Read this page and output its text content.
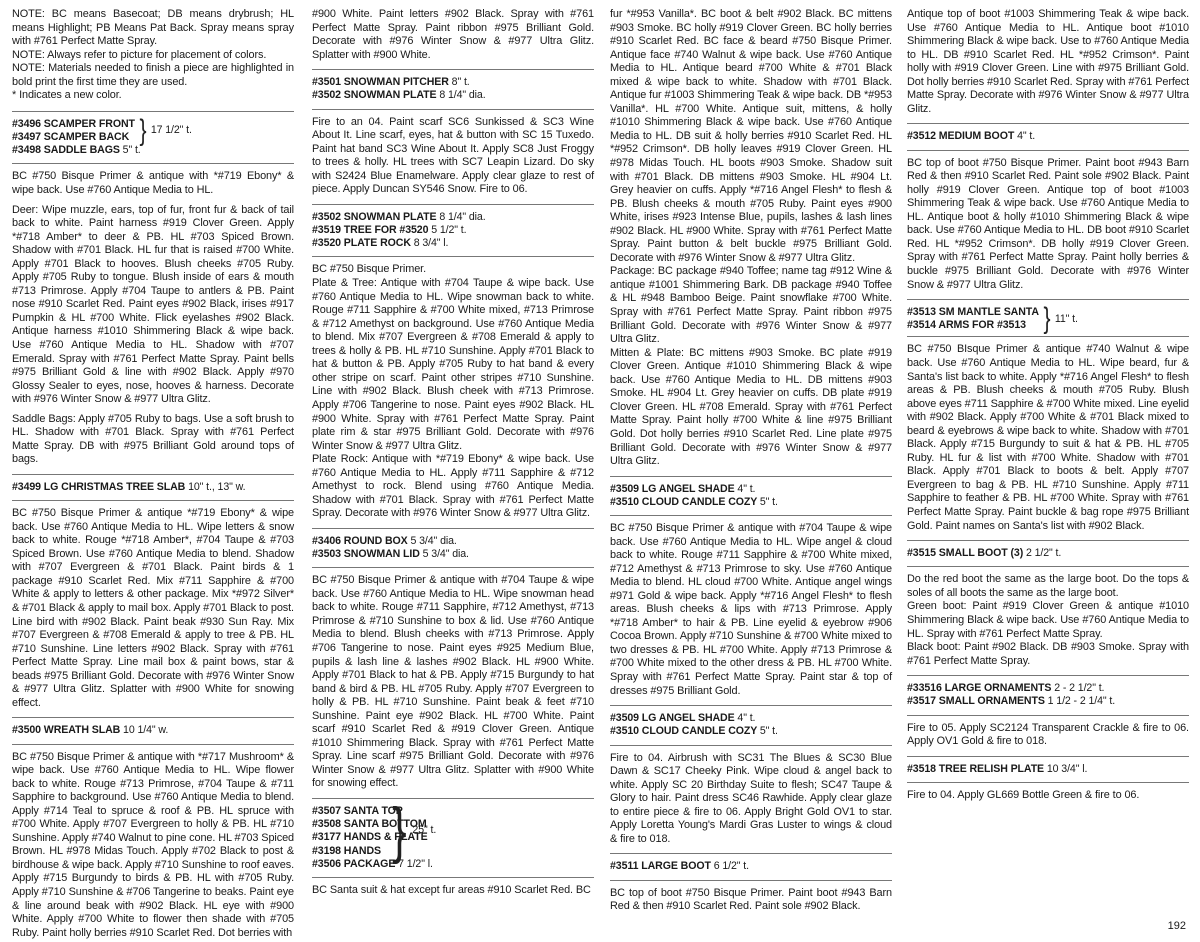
NOTE: BC means Basecoat; DB means drybrush; HL means Highlight; PB Means Pat Back. Spray means spray with #761 Perfect Matte Spray.

NOTE: Always refer to picture for placement of colors.

NOTE: Materials needed to finish a piece are highlighted in bold print the first time they are used.

* Indicates a new color.

#3496 SCAMPER FRONT
#3497 SCAMPER BACK } 17 1/2" t.
#3498 SADDLE BAGS 5" t.

BC #750 Bisque Primer & antique with *#719 Ebony* & wipe back. Use #760 Antique Media to HL.

Deer: Wipe muzzle, ears, top of fur, front fur & back of tail back to white. Paint harness #919 Clover Green. Apply *#718 Amber* to deer & PB. HL #703 Spiced Brown. Shadow with #701 Black. HL fur that is raised #700 White. Apply #701 Black to hooves. Blush cheeks #705 Ruby. Apply #705 Ruby to tongue. Blush inside of ears & mouth #713 Primrose. Apply #704 Taupe to antlers & PB. Paint nose #910 Scarlet Red. Paint eyes #902 Black, irises #917 Pumpkin & HL #700 White. Flick eyelashes #902 Black. Antique harness #1010 Shimmering Black & wipe back. Use #760 Antique Media to HL. Shadow with #707 Emerald. Spray with #761 Perfect Matte Spray. Paint bells #975 Brilliant Gold & line with #902 Black. Apply #970 Glossy Sealer to eyes, nose, hooves & harness. Decorate with #976 Winter Snow & #977 Ultra Glitz.

Saddle Bags: Apply #705 Ruby to bags. Use a soft brush to HL. Shadow with #701 Black. Spray with #761 Perfect Matte Spray. DB with #975 Brilliant Gold around tops of bags.

#3499 LG CHRISTMAS TREE SLAB 10" t., 13" w.

BC #750 Bisque Primer & antique *#719 Ebony* & wipe back. Use #760 Antique Media to HL. Wipe letters & snow back to white. Rouge *#718 Amber*, #704 Taupe & #703 Spiced Brown. Use #760 Antique Media to blend. Shadow with #707 Evergreen & #701 Black. Paint birds & 1 package #910 Scarlet Red. Mix #711 Sapphire & #700 White & apply to letters & other package. Mix *#972 Silver* & #701 Black & apply to mail box. Apply #701 Black to post. Line bird with #902 Black. Paint beak #930 Sun Ray. Mix #707 Evergreen & #708 Emerald & apply to tree & PB. HL #710 Sunshine. Line letters #902 Black. Spray with #761 Perfect Matte Spray. Line mail box & paint bows, star & beads #975 Brilliant Gold. Decorate with #976 Winter Snow & #977 Ultra Glitz. Splatter with #900 White for snowing effect.

#3500 WREATH SLAB 10 1/4" w.

BC #750 Bisque Primer & antique with *#717 Mushroom* & wipe back. Use #760 Antique Media to HL. Wipe flower back to white. Rouge #713 Primrose, #704 Taupe & #711 Sapphire to background. Use #760 Antique Media to blend. Apply #714 Teal to spruce & roof & PB. HL spruce with #700 White. Apply #707 Evergreen to holly & PB. HL #710 Sunshine. Apply #740 Walnut to pine cone. HL #703 Spiced Brown. HL #978 Midas Touch. Apply #702 Black to post & birdhouse & wipe back. Apply #710 Sunshine to roof eaves. Apply #715 Burgundy to birds & PB. HL with #705 Ruby. Apply #710 Sunshine & #706 Tangerine to beaks. Paint eye & line around beak with #902 Black. HL eye with #900 White. Apply #700 White to flower then shade with #705 Ruby. Paint holly berries #910 Scarlet Red. Dot berries with

#900 White. Paint letters #902 Black. Spray with #761 Perfect Matte Spray. Paint ribbon #975 Brilliant Gold. Decorate with #976 Winter Snow & #977 Ultra Glitz. Splatter with #900 White.

#3501 SNOWMAN PITCHER 8" t.
#3502 SNOWMAN PLATE 8 1/4" dia.

Fire to an 04. Paint scarf SC6 Sunkissed & SC3 Wine About It. Line scarf, eyes, hat & button with SC 15 Tuxedo. Paint hat band SC3 Wine About It. Apply SC8 Just Froggy to trees & holly. HL trees with SC7 Leapin Lizard. Do sky with S2424 Blue Enamelware. Apply clear glaze to rest of piece. Apply Duncan SY546 Snow. Fire to 06.

#3502 SNOWMAN PLATE 8 1/4" dia.
#3519 TREE FOR #3520 5 1/2" t.
#3520 PLATE ROCK 8 3/4" l.

BC #750 Bisque Primer.

Plate & Tree: Antique with #704 Taupe & wipe back. Use #760 Antique Media to HL. Wipe snowman back to white. Rouge #711 Sapphire & #700 White mixed, #713 Primrose & #712 Amethyst on background. Use #760 Antique Media to blend. Mix #707 Evergreen & #708 Emerald & apply to trees & holly & PB. HL #710 Sunshine. Apply #701 Black to hat & button & PB. Apply #705 Ruby to hat band & every other stripe on scarf. Paint other stripes #710 Sunshine. Line with #902 Black. Blush cheek with #713 Primrose. Apply #706 Tangerine to nose. Paint eyes #902 Black. HL #900 White. Spray with #761 Perfect Matte Spray. Paint plate rim & star #975 Brilliant Gold. Decorate with #976 Winter Snow & #977 Ultra Glitz.

Plate Rock: Antique with *#719 Ebony* & wipe back. Use #760 Antique Media to HL. Apply #711 Sapphire & #712 Amethyst to rock. Blend using #760 Antique Media. Shadow with #701 Black. Spray with #761 Perfect Matte Spray. Decorate with #976 Winter Snow & #977 Ultra Glitz.

#3406 ROUND BOX 5 3/4" dia.
#3503 SNOWMAN LID 5 3/4" dia.

BC #750 Bisque Primer & antique with #704 Taupe & wipe back. Use #760 Antique Media to HL. Wipe snowman head back to white. Rouge #711 Sapphire, #712 Amethyst, #713 Primrose & #710 Sunshine to box & lid. Use #760 Antique Media to blend. Blush cheeks with #713 Primrose. Apply #706 Tangerine to nose. Paint eyes #925 Medium Blue, pupils & lash line & lashes #902 Black. HL #900 White. Apply #701 Black to hat & PB. Apply #715 Burgundy to hat band & bird & PB. HL #705 Ruby. Apply #707 Evergreen to holly & PB. HL #710 Sunshine. Paint beak & feet #710 Sunshine. Paint eye #902 Black. HL #700 White. Paint scarf #910 Scarlet Red & #919 Clover Green. Antique #1010 Shimmering Black. Spray with #761 Perfect Matte Spray. Line scarf #975 Brilliant Gold. Decorate with #976 Winter Snow & #977 Ultra Glitz. Splatter with #900 White for snowing effect.

#3507 SANTA TOP
#3508 SANTA BOTTOM
#3177 HANDS & PLATE
#3198 HANDS
#3506 PACKAGE 7 1/2" l.
} 25" t.

BC Santa suit & hat except fur areas #910 Scarlet Red. BC

fur *#953 Vanilla*. BC boot & belt #902 Black. BC mittens #903 Smoke. BC holly #919 Clover Green. BC holly berries #910 Scarlet Red. BC face & beard #750 Bisque Primer. Antique face #740 Walnut & wipe back. Use #760 Antique Media to HL. Antique beard #700 White & #701 Black mixed & wipe back to white. Shadow with #701 Black. Antique fur #1003 Shimmering Teak & wipe back. DB *#953 Vanilla*. HL #700 White. Antique suit, mittens, & holly #1010 Shimmering Black & wipe back. Use #760 Antique Media to HL. DB suit & holly berries #910 Scarlet Red. HL *#952 Crimson*. DB holly leaves #919 Clover Green. HL #978 Midas Touch. HL boots #903 Smoke. Shadow suit with #701 Black. DB mittens #903 Smoke. HL #904 Lt. Grey heavier on cuffs. Apply *#716 Angel Flesh* to flesh & PB. Blush cheeks & mouth #705 Ruby. Paint eyes #900 White, irises #923 Intense Blue, pupils, lashes & lash lines #902 Black. HL #900 White. Spray with #761 Perfect Matte Spray. Paint button & belt buckle #975 Brilliant Gold. Decorate with #976 Winter Snow & #977 Ultra Glitz.

Package: BC package #940 Toffee; name tag #912 Wine & antique #1001 Shimmering Bark. DB package #940 Toffee & HL #948 Bamboo Beige. Paint snowflake #700 White. Spray with #761 Perfect Matte Spray. Paint ribbon #975 Brilliant Gold. Decorate with #976 Winter Snow & #977 Ultra Glitz.

Mitten & Plate: BC mittens #903 Smoke. BC plate #919 Clover Green. Antique #1010 Shimmering Black & wipe back. Use #760 Antique Media to HL. DB mittens #903 Smoke. HL #904 Lt. Grey heavier on cuffs. DB plate #919 Clover Green. HL #708 Emerald. Spray with #761 Perfect Matte Spray. Paint holly #700 White & line #975 Brilliant Gold. Dot holly berries #910 Scarlet Red. Line plate #975 Brilliant Gold. Decorate with #976 Winter Snow & #977 Ultra Glitz.

#3509 LG ANGEL SHADE 4" t.
#3510 CLOUD CANDLE COZY 5" t.

BC #750 Bisque Primer & antique with #704 Taupe & wipe back. Use #760 Antique Media to HL. Wipe angel & cloud back to white. Rouge #711 Sapphire & #700 White mixed, #712 Amethyst & #713 Primrose to sky. Use #760 Antique Media to blend. HL cloud #700 White. Antique angel wings #971 Gold & wipe back. Apply *#716 Angel Flesh* to flesh areas. Blush cheeks & lips with #713 Primrose. Apply *#718 Amber* to hair & PB. Line eyelid & eyebrow #906 Cocoa Brown. Apply #710 Sunshine & #700 White mixed to two dresses & PB. HL #700 White. Apply #713 Primrose & #700 White mixed to the other dress & PB. HL #700 White. Spray with #761 Perfect Matte Spray. Paint star & top of dresses #975 Brilliant Gold.

#3509 LG ANGEL SHADE 4" t.
#3510 CLOUD CANDLE COZY 5" t.

Fire to 04. Airbrush with SC31 The Blues & SC30 Blue Dawn & SC17 Cheeky Pink. Wipe cloud & angel back to white. Apply SC 20 Birthday Suite to flesh; SC47 Taupe & Glory to hair. Paint dress SC46 Rawhide. Apply clear glaze to entire piece & fire to 06. Apply Bright Gold OV1 to star. Apply Loretta Young's Mardi Gras Luster to wings & cloud & fire to 018.

#3511 LARGE BOOT 6 1/2" t.

BC top of boot #750 Bisque Primer. Paint boot #943 Barn Red & then #910 Scarlet Red. Paint sole #902 Black.

Antique top of boot #1003 Shimmering Teak & wipe back. Use #760 Antique Media to HL. Antique boot #1010 Shimmering Black & wipe back. Use to #760 Antique Media to HL. DB #910 Scarlet Red. HL *#952 Crimson*. Paint holly with #919 Clover Green. Line with #975 Brilliant Gold. Dot holly berries #910 Scarlet Red. Spray with #761 Perfect Matte Spray. Decorate with #976 Winter Snow & #977 Ultra Glitz.

#3512 MEDIUM BOOT 4" t.

BC top of boot #750 Bisque Primer. Paint boot #943 Barn Red & then #910 Scarlet Red. Paint sole #902 Black. Paint holly #919 Clover Green. Antique top of boot #1003 Shimmering Teak & wipe back. Use #760 Antique Media to HL. Antique boot & holly #1010 Shimmering Black & wipe back. Use #760 Antique Media to HL. DB boot #910 Scarlet Red. HL *#952 Crimson*. DB holly #919 Clover Green. Spray with #761 Perfect Matte Spray. Paint holly berries & buckle #975 Brilliant Gold. Decorate with #976 Winter Snow & #977 Ultra Glitz.

#3513 SM MANTLE SANTA
#3514 ARMS FOR #3513 } 11" t.

BC #750 BIsque Primer & antique #740 Walnut & wipe back. Use #760 Antique Media to HL. Wipe beard, fur & Santa's list back to white. Apply *#716 Angel Flesh* to flesh areas & PB. Blush cheeks & mouth #705 Ruby. Blush above eyes #711 Sapphire & #700 White mixed. Line eyelid with #902 Black. Apply #700 White & #701 Black mixed to beard & eyebrows & wipe back to white. Shadow with #701 Black. Apply #715 Burgundy to suit & hat & PB. HL #705 Ruby. HL fur & list with #700 White. Shadow with #701 Black. Apply #701 Black to boots & belt. Apply #707 Evergreen to bag & PB. HL #710 Sunshine. Apply #711 Sapphire to feather & PB. HL #700 White. Spray with #761 Perfect Matte Spray. Paint buckle & bag rope #975 Brilliant Gold. Paint names on Santa's list with #902 Black.

#3515 SMALL BOOT (3) 2 1/2" t.

Do the red boot the same as the large boot. Do the tops & soles of all boots the same as the large boot.

Green boot: Paint #919 Clover Green & antique #1010 Shimmering Black & wipe back. Use #760 Antique Media to HL. Spray with #761 Perfect Matte Spray.

Black boot: Paint #902 Black. DB #903 Smoke. Spray with #761 Perfect Matte Spray.

#33516 LARGE ORNAMENTS 2 - 2 1/2" t.
#3517 SMALL ORNAMENTS 1 1/2 - 2 1/4" t.

Fire to 05. Apply SC2124 Transparent Crackle & fire to 06. Apply OV1 Gold & fire to 018.

#3518 TREE RELISH PLATE 10 3/4" l.

Fire to 04. Apply GL669 Bottle Green & fire to 06.

192
